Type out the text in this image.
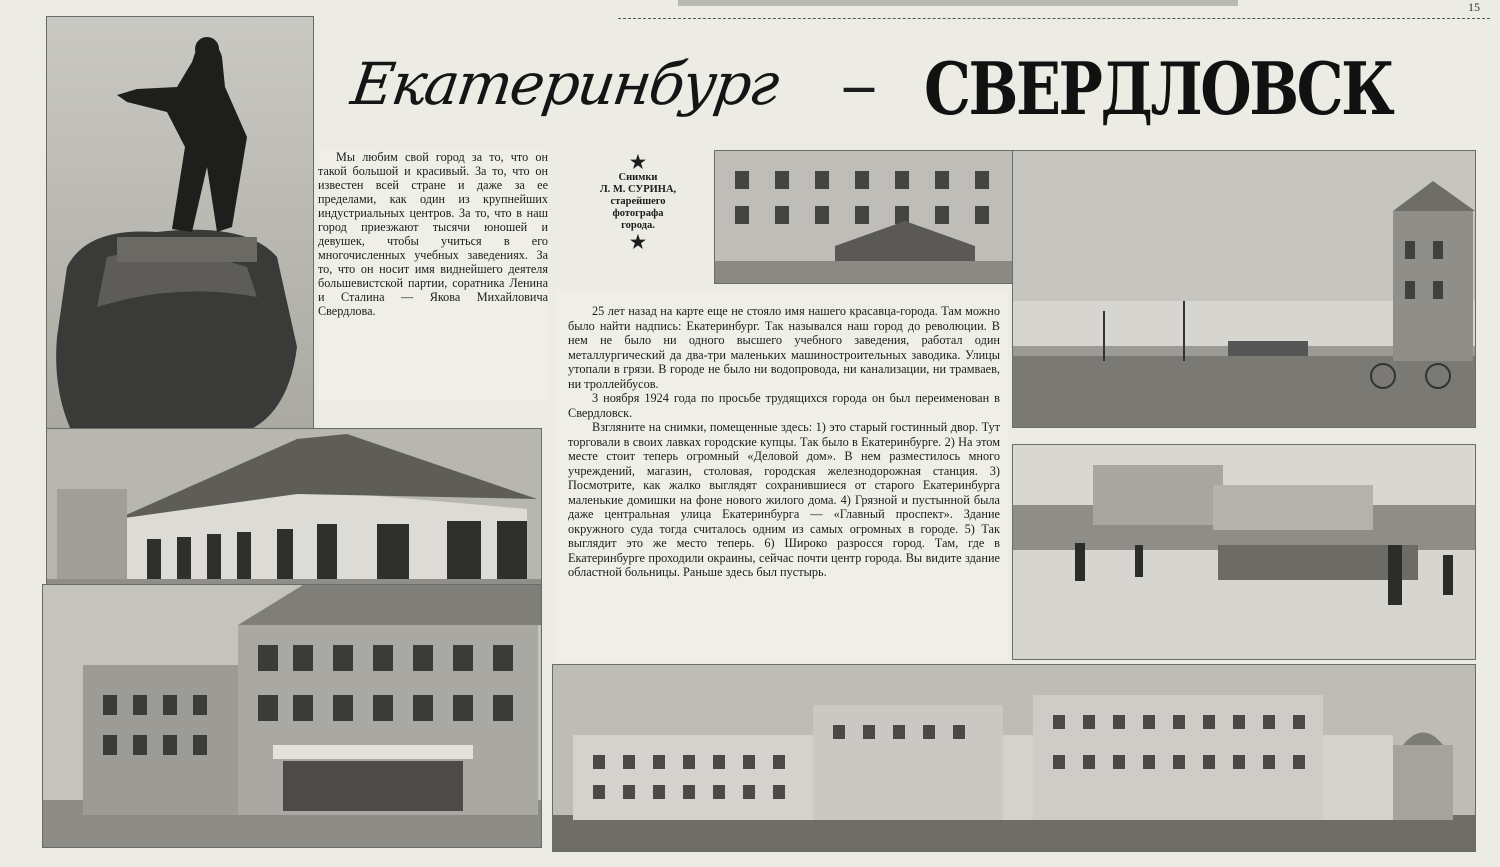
15
Екатеринбург – СВЕРДЛОВСК

Мы любим свой город за то, что он такой большой и красивый. За то, что он известен всей стране и даже за ее пределами, как один из крупнейших индустриальных центров. За то, что в наш город приезжают тысячи юношей и девушек, чтобы учиться в его многочисленных учебных заведениях. За то, что он носит имя виднейшего деятеля большевистской партии, соратника Ленина и Сталина — Якова Михайловича Свердлова.

★
Снимки
Л. М. СУРИНА,
старейшего
фотографа
города.
★

25 лет назад на карте еще не стояло имя нашего красавца-города. Там можно было найти надпись: Екатеринбург. Так назывался наш город до революции. В нем не было ни одного высшего учебного заведения, работал один металлургический да два-три маленьких машиностроительных заводика. Улицы утопали в грязи. В городе не было ни водопровода, ни канализации, ни трамваев, ни троллейбусов.

3 ноября 1924 года по просьбе трудящихся города он был переименован в Свердловск.

Взгляните на снимки, помещенные здесь: 1) это старый гостинный двор. Тут торговали в своих лавках городские купцы. Так было в Екатеринбурге. 2) На этом месте стоит теперь огромный «Деловой дом». В нем разместилось много учреждений, магазин, столовая, городская железнодорожная станция. 3) Посмотрите, как жалко выглядят сохранившиеся от старого Екатеринбурга маленькие домишки на фоне нового жилого дома. 4) Грязной и пустынной была даже центральная улица Екатеринбурга — «Главный проспект». Здание окружного суда тогда считалось одним из самых огромных в городе. 5) Так выглядит это же место теперь. 6) Широко разросся город. Там, где в Екатеринбурге проходили окраины, сейчас почти центр города. Вы видите здание областной больницы. Раньше здесь был пустырь.
